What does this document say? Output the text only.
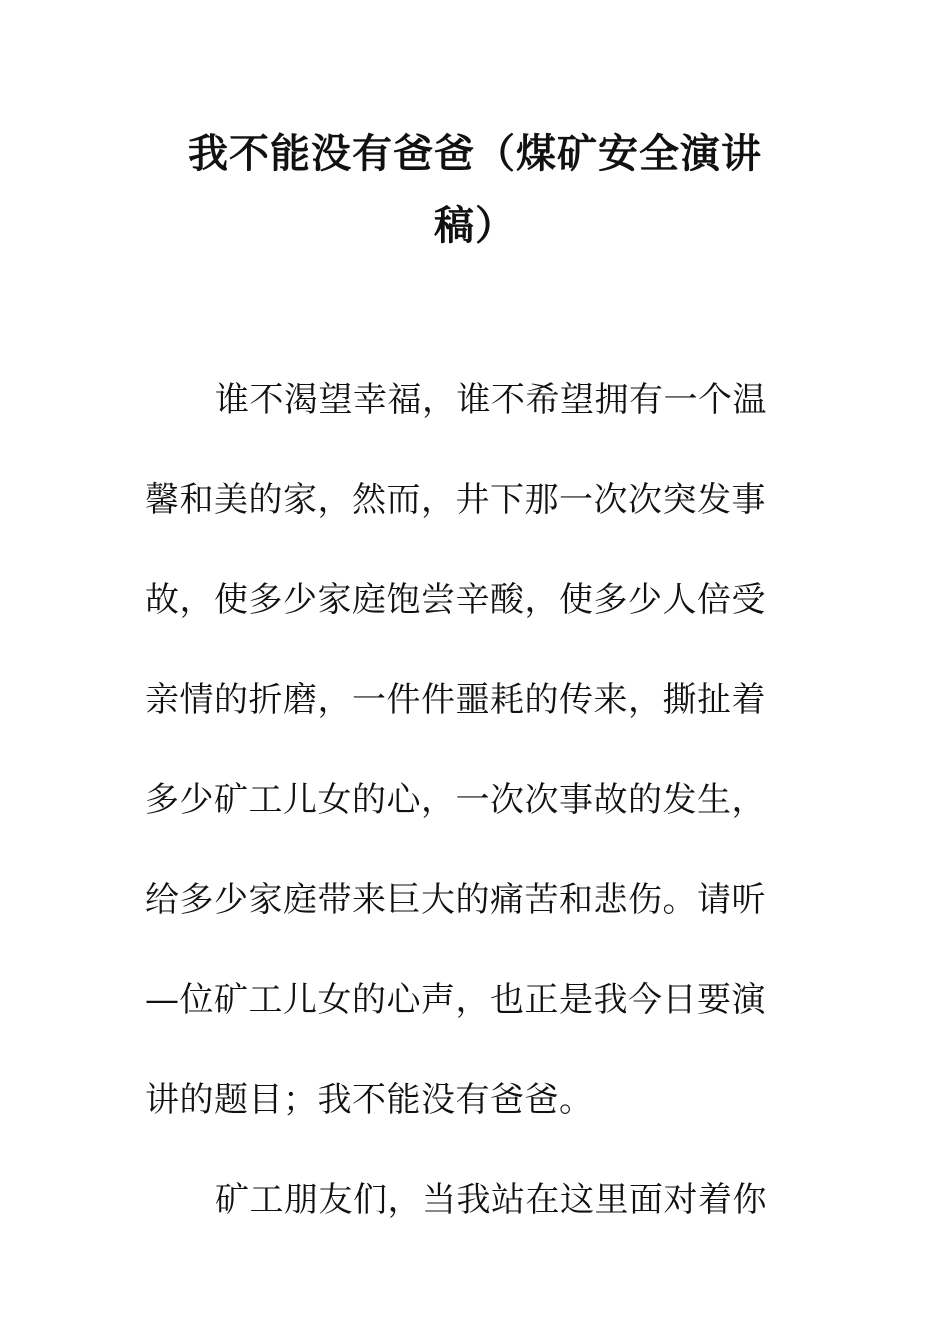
我不能没有爸爸（煤矿安全演讲
稿）
谁不渴望幸福，谁不希望拥有一个温
馨和美的家，然而，井下那一次次突发事
故，使多少家庭饱尝辛酸，使多少人倍受
亲情的折磨，一件件噩耗的传来，撕扯着
多少矿工儿女的心，一次次事故的发生，
给多少家庭带来巨大的痛苦和悲伤。请听
—位矿工儿女的心声，也正是我今日要演
讲的题目；我不能没有爸爸。
矿工朋友们，当我站在这里面对着你
